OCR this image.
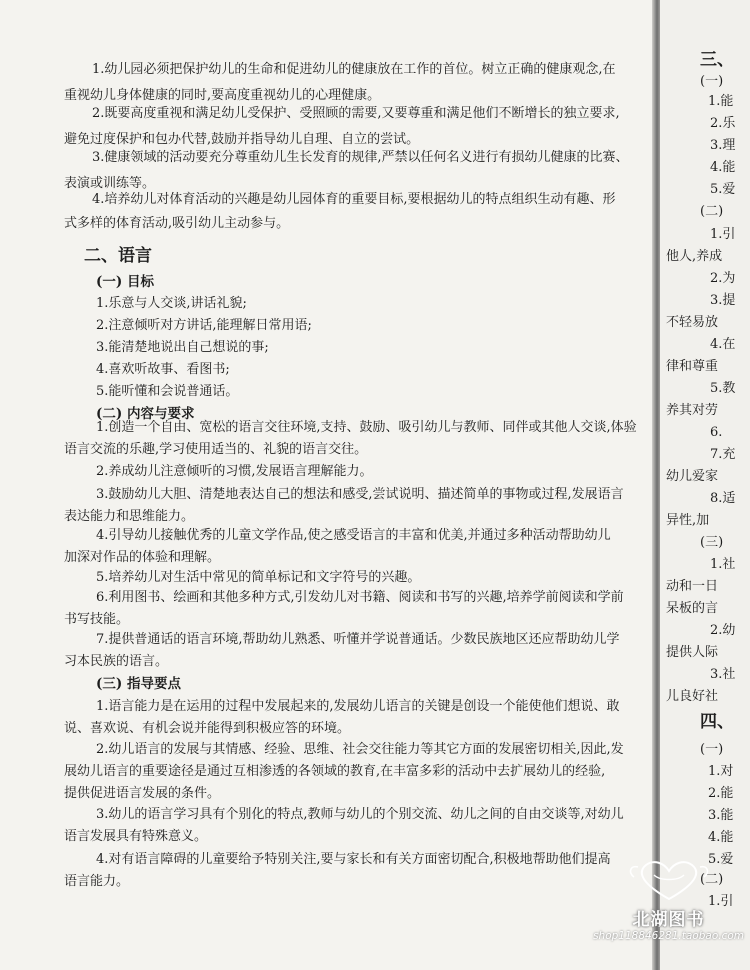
1.幼儿园必须把保护幼儿的生命和促进幼儿的健康放在工作的首位。树立正确的健康观念,在
重视幼儿身体健康的同时,要高度重视幼儿的心理健康。
2.既要高度重视和满足幼儿受保护、受照顾的需要,又要尊重和满足他们不断增长的独立要求,
避免过度保护和包办代替,鼓励并指导幼儿自理、自立的尝试。
3.健康领域的活动要充分尊重幼儿生长发育的规律,严禁以任何名义进行有损幼儿健康的比赛、
表演或训练等。
4.培养幼儿对体育活动的兴趣是幼儿园体育的重要目标,要根据幼儿的特点组织生动有趣、形
式多样的体育活动,吸引幼儿主动参与。
二、语言
(一) 目标
1.乐意与人交谈,讲话礼貌;
2.注意倾听对方讲话,能理解日常用语;
3.能清楚地说出自己想说的事;
4.喜欢听故事、看图书;
5.能听懂和会说普通话。
(二) 内容与要求
1.创造一个自由、宽松的语言交往环境,支持、鼓励、吸引幼儿与教师、同伴或其他人交谈,体验
语言交流的乐趣,学习使用适当的、礼貌的语言交往。
2.养成幼儿注意倾听的习惯,发展语言理解能力。
3.鼓励幼儿大胆、清楚地表达自己的想法和感受,尝试说明、描述简单的事物或过程,发展语言
表达能力和思维能力。
4.引导幼儿接触优秀的儿童文学作品,使之感受语言的丰富和优美,并通过多种活动帮助幼儿
加深对作品的体验和理解。
5.培养幼儿对生活中常见的简单标记和文字符号的兴趣。
6.利用图书、绘画和其他多种方式,引发幼儿对书籍、阅读和书写的兴趣,培养学前阅读和学前
书写技能。
7.提供普通话的语言环境,帮助幼儿熟悉、听懂并学说普通话。少数民族地区还应帮助幼儿学
习本民族的语言。
(三) 指导要点
1.语言能力是在运用的过程中发展起来的,发展幼儿语言的关键是创设一个能使他们想说、敢
说、喜欢说、有机会说并能得到积极应答的环境。
2.幼儿语言的发展与其情感、经验、思维、社会交往能力等其它方面的发展密切相关,因此,发
展幼儿语言的重要途径是通过互相渗透的各领域的教育,在丰富多彩的活动中去扩展幼儿的经验,
提供促进语言发展的条件。
3.幼儿的语言学习具有个别化的特点,教师与幼儿的个别交流、幼儿之间的自由交谈等,对幼儿
语言发展具有特殊意义。
4.对有语言障碍的儿童要给予特别关注,要与家长和有关方面密切配合,积极地帮助他们提高
语言能力。
三、
(一)
1.能
2.乐
3.理
4.能
5.爱
(二)
1.引
他人,养成
2.为
3.提
不轻易放
4.在
律和尊重
5.教
养其对劳
6.
7.充
幼儿爱家
8.适
异性,加
(三)
1.社
动和一日
呆板的言
2.幼
提供人际
3.社
儿良好社
四、
(一)
1.对
2.能
3.能
4.能
5.爱
(二)
1.引
北湖图书
shop118846281.taobao.com
